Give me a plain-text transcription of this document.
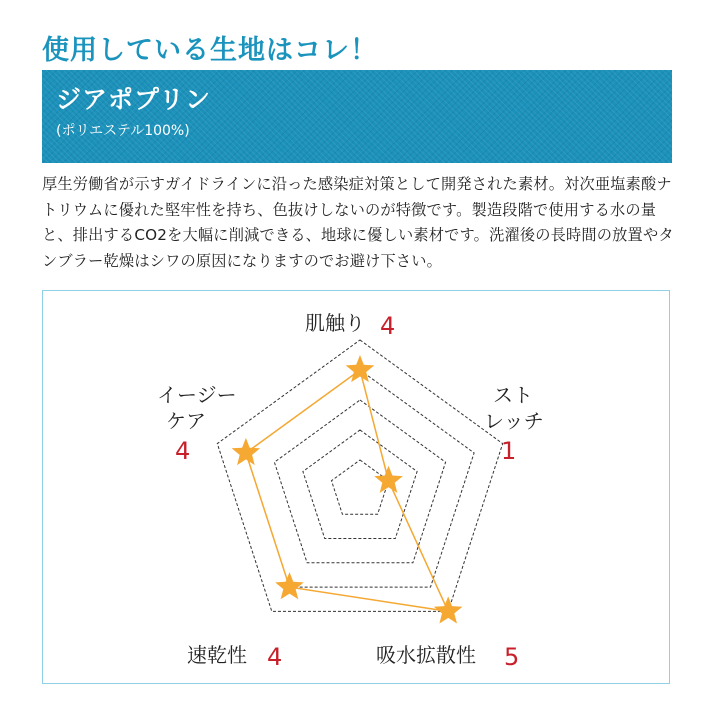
使用している生地はコレ！
ジアポプリン
(ポリエステル100%)

厚生労働省が示すガイドラインに沿った感染症対策として開発された素材。対次亜塩素酸ナトリウムに優れた堅牢性を持ち、色抜けしないのが特徴です。製造段階で使用する水の量と、排出するCO2を大幅に削減できる、地球に優しい素材です。洗濯後の長時間の放置やタンブラー乾燥はシワの原因になりますのでお避け下さい。

肌触り 4
スト
レッチ
1
吸水拡散性 5
速乾性 4
イージー
ケア
4
